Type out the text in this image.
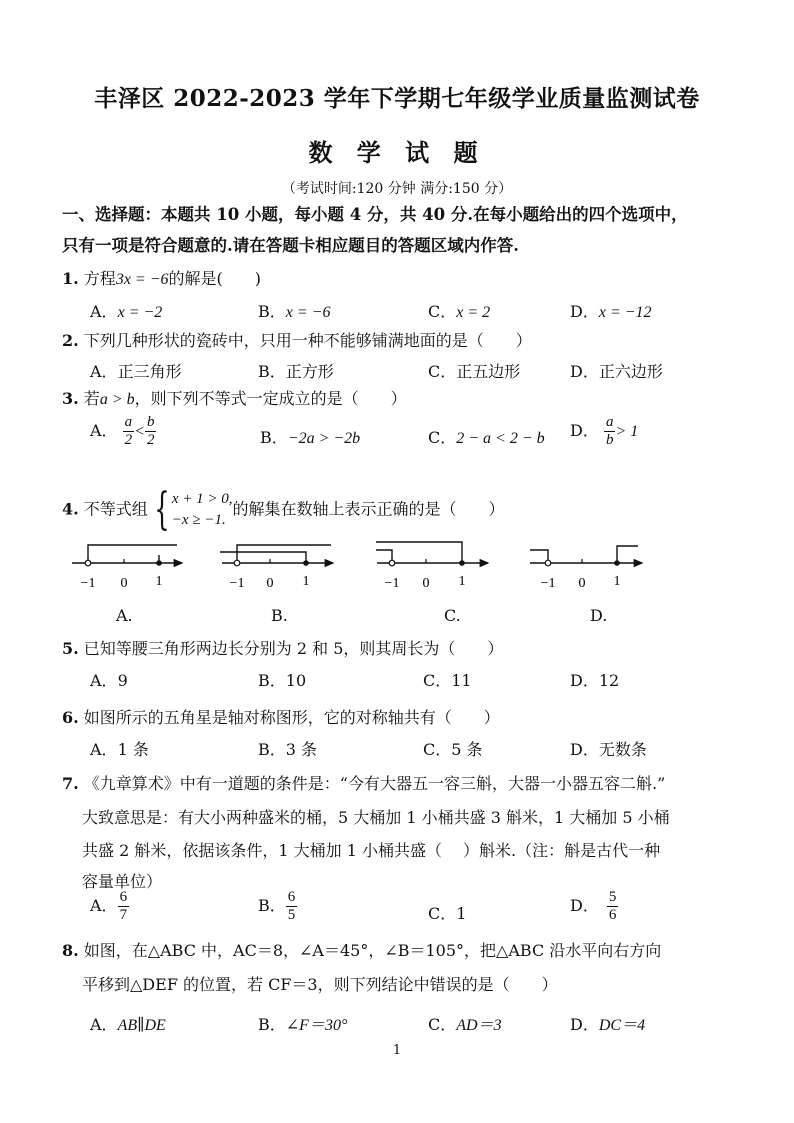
丰泽区 2022-2023 学年下学期七年级学业质量监测试卷
数 学 试 题
（考试时间:120 分钟 满分:150 分）
一、选择题：本题共 10 小题，每小题 4 分，共 40 分.在每小题给出的四个选项中，
只有一项是符合题意的.请在答题卡相应题目的答题区域内作答.
1. 方程3x = −6的解是(　　)
A．x = −2	B．x = −6	C．x = 2	D．x = −12
2. 下列几种形状的瓷砖中，只用一种不能够铺满地面的是（　　）
A．正三角形	B．正方形	C．正五边形	D．正六边形
3. 若a > b，则下列不等式一定成立的是（　　）
A． $\frac{a}{2} < \frac{b}{2}$	B．−2a > −2b	C．2 − a < 2 − b D． $\frac{a}{b} > 1$
4. 不等式组 { x + 1 > 0,
−x ≥ −1.
的解集在数轴上表示正确的是（　　）
−1 0 1	−1 0 1	−1 0 1	−1 0 1
A.	B.	C.	D.
5. 已知等腰三角形两边长分别为 2 和 5，则其周长为（　　）
A．9	B．10	C．11	D．12
6. 如图所示的五角星是轴对称图形，它的对称轴共有（　　）
A．1 条	B．3 条	C．5 条	D．无数条
7. 《九章算术》中有一道题的条件是：“今有大器五一容三斛，大器一小器五容二斛.”
大致意思是：有大小两种盛米的桶，5 大桶加 1 小桶共盛 3 斛米，1 大桶加 5 小桶
共盛 2 斛米，依据该条件，1 大桶加 1 小桶共盛（　 ）斛米.（注：斛是古代一种
容量单位）
A． $\frac{6}{7}$	B． $\frac{6}{5}$	C．1	D． $\frac{5}{6}$
8. 如图，在△ABC 中，AC＝8，∠A＝45°，∠B＝105°，把△ABC 沿水平向右方向
平移到△DEF 的位置，若 CF＝3，则下列结论中错误的是（　　）
A．AB∥DE	B．∠F＝30°	C．AD＝3	D．DC＝4
1
